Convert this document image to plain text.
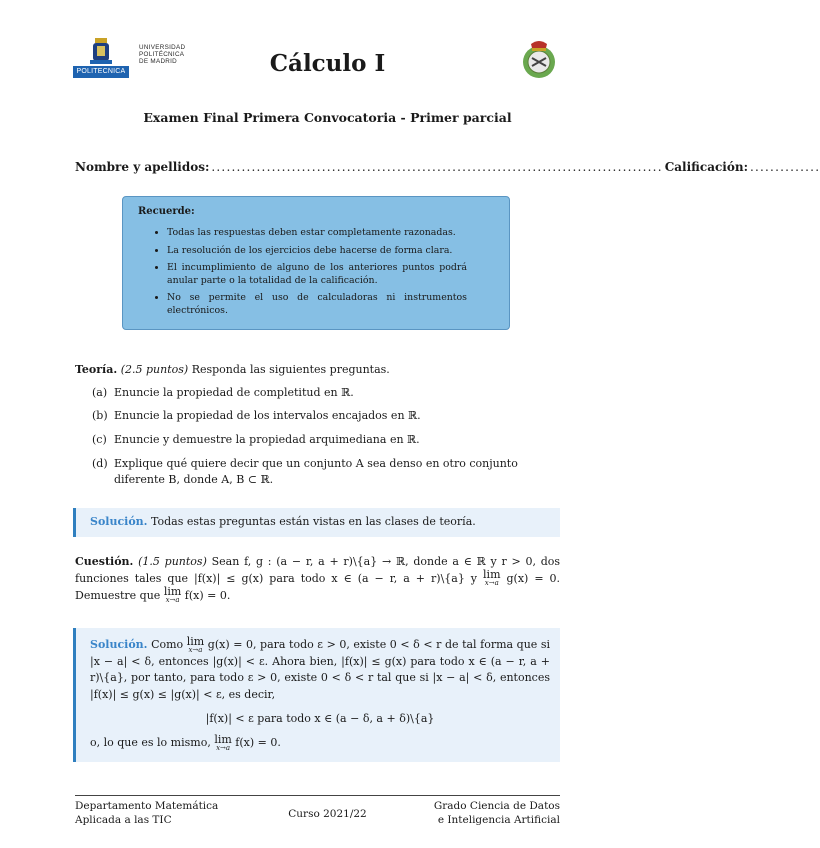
POLITECNICA
UNIVERSIDAD
POLITÉCNICA
DE MADRID	Cálculo I
Examen Final Primera Convocatoria - Primer parcial
Nombre y apellidos: .......................................................................................... Calificación: ..............
Recuerde:
• Todas las respuestas deben estar completamente razonadas.
• La resolución de los ejercicios debe hacerse de forma clara.
• El incumplimiento de alguno de los anteriores puntos podrá anular parte o la totalidad de la calificación.
• No se permite el uso de calculadoras ni instrumentos electrónicos.
Teoría. (2.5 puntos) Responda las siguientes preguntas.
(a) Enuncie la propiedad de completitud en ℝ.
(b) Enuncie la propiedad de los intervalos encajados en ℝ.
(c) Enuncie y demuestre la propiedad arquimediana en ℝ.
(d) Explique qué quiere decir que un conjunto A sea denso en otro conjunto diferente B, donde A, B ⊂ ℝ.
Solución. Todas estas preguntas están vistas en las clases de teoría.
Cuestión. (1.5 puntos) Sean f, g : (a − r, a + r)\{a} → ℝ, donde a ∈ ℝ y r > 0, dos funciones tales que |f(x)| ≤ g(x) para todo x ∈ (a − r, a + r)\{a} y lim
x→a g(x) = 0. Demuestre que lim
x→a f(x) = 0.
Solución. Como lim
x→a g(x) = 0, para todo ε > 0, existe 0 < δ < r de tal forma que si |x − a| < δ, entonces |g(x)| < ε. Ahora bien, |f(x)| ≤ g(x) para todo x ∈ (a − r, a + r)\{a}, por tanto, para todo ε > 0, existe 0 < δ < r tal que si |x − a| < δ, entonces |f(x)| ≤ g(x) ≤ |g(x)| < ε, es decir,
|f(x)| < ε para todo x ∈ (a − δ, a + δ)\{a}
o, lo que es lo mismo, lim
x→a f(x) = 0.
Departamento Matemática
Aplicada a las TIC	Curso 2021/22
Grado Ciencia de Datos
e Inteligencia Artificial
